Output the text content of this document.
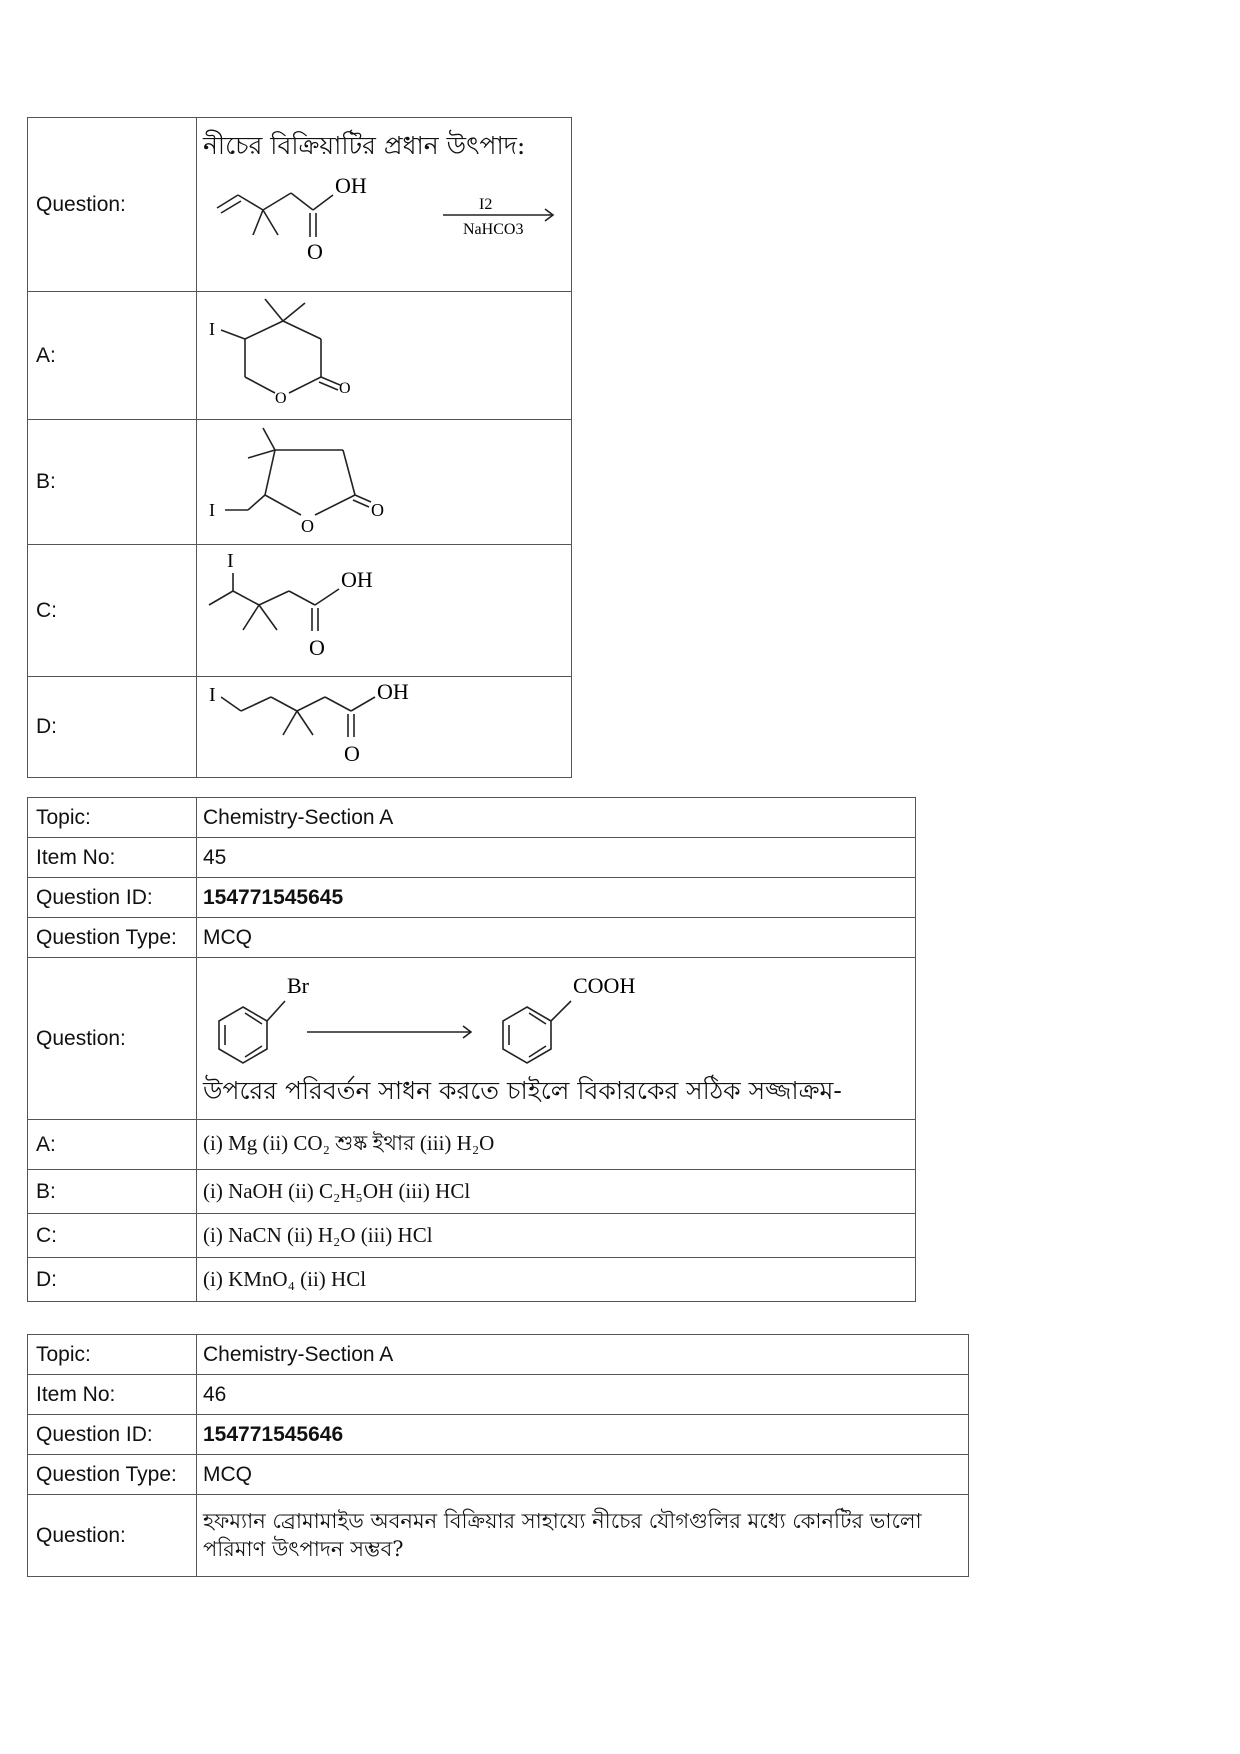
Question:	নীচের বিক্রিয়াটির প্রধান উৎপাদ:
OH
O
I2
NaHCO3

A:	I
O
O

B:	I
O
O

C:	I
OH
O

D:	I OH
O
Topic:	Chemistry-Section A
Item No:	45
Question ID:	154771545645
Question Type:	MCQ
Question:	Br COOH
উপরের পরিবর্তন সাধন করতে চাইলে বিকারকের সঠিক সজ্জাক্রম-

A:	(i) Mg (ii) CO₂ শুষ্ক ইথার (iii) H₂O
B:	(i) NaOH (ii) C₂H₅OH (iii) HCl
C:	(i) NaCN (ii) H₂O (iii) HCl
D:	(i) KMnO₄ (ii) HCl
Topic:	Chemistry-Section A
Item No:	46
Question ID:	154771545646
Question Type:	MCQ
Question:	হফম্যান ব্রোমামাইড অবনমন বিক্রিয়ার সাহায্যে নীচের যৌগগুলির মধ্যে কোনটির ভালো পরিমাণ উৎপাদন সম্ভব?
